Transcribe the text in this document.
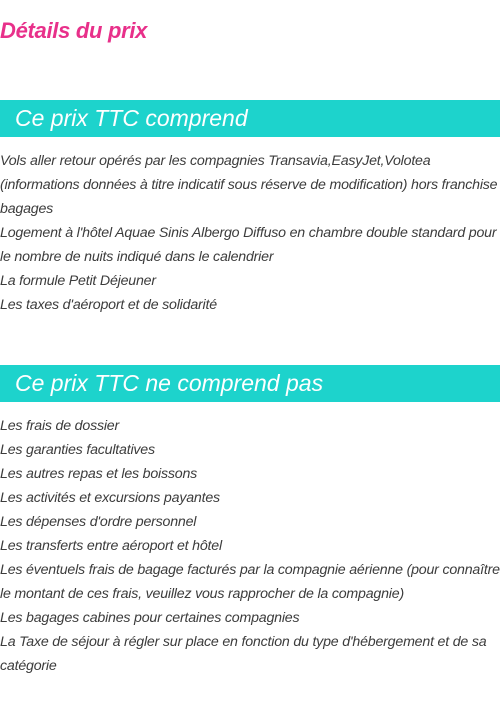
Détails du prix
Ce prix TTC comprend
Vols aller retour opérés par les compagnies Transavia,EasyJet,Volotea (informations données à titre indicatif sous réserve de modification) hors franchise bagages
Logement à l'hôtel Aquae Sinis Albergo Diffuso en chambre double standard pour le nombre de nuits indiqué dans le calendrier
La formule Petit Déjeuner
Les taxes d'aéroport et de solidarité
Ce prix TTC ne comprend pas
Les frais de dossier
Les garanties facultatives
Les autres repas et les boissons
Les activités et excursions payantes
Les dépenses d'ordre personnel
Les transferts entre aéroport et hôtel
Les éventuels frais de bagage facturés par la compagnie aérienne (pour connaître le montant de ces frais, veuillez vous rapprocher de la compagnie)
Les bagages cabines pour certaines compagnies
La Taxe de séjour à régler sur place en fonction du type d'hébergement et de sa catégorie
